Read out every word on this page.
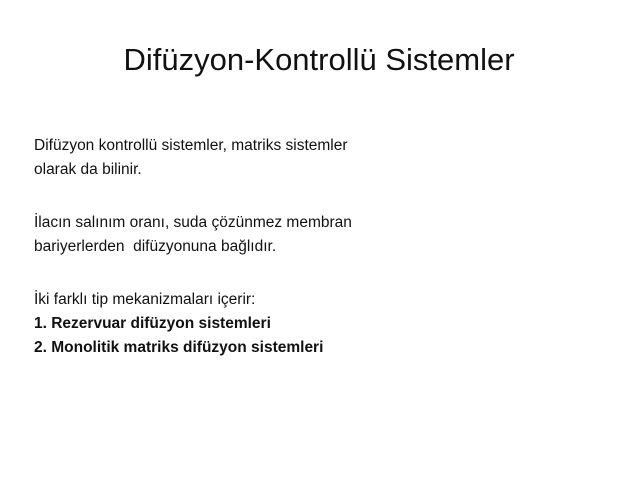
Difüzyon-Kontrollü Sistemler
Difüzyon kontrollü sistemler, matriks sistemler
olarak da bilinir.
İlacın salınım oranı, suda çözünmez membran
bariyerlerden  difüzyonuna bağlıdır.
İki farklı tip mekanizmaları içerir:
1. Rezervuar difüzyon sistemleri
2. Monolitik matriks difüzyon sistemleri
